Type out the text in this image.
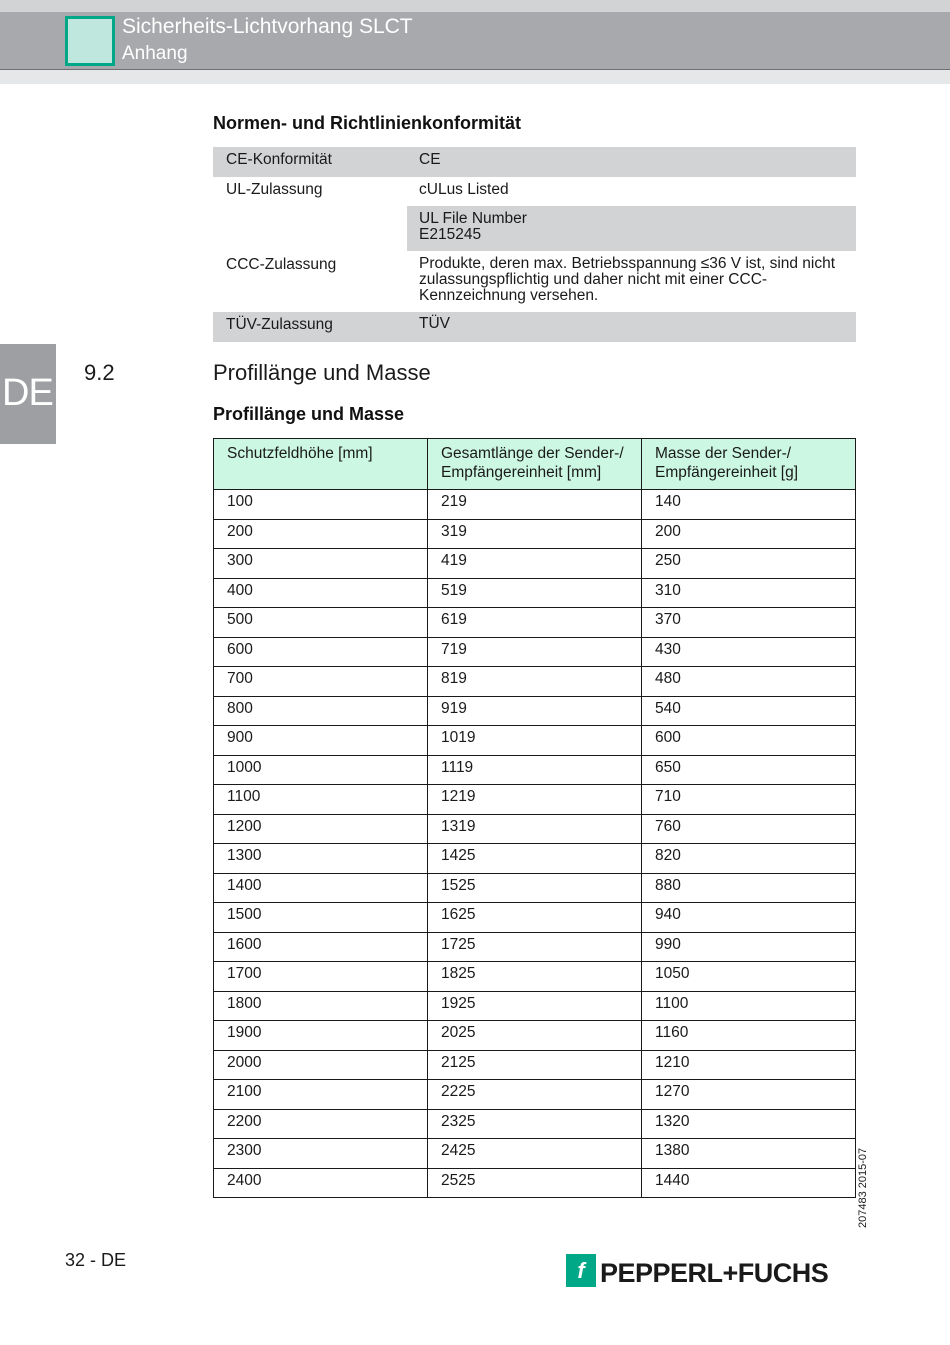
Sicherheits-Lichtvorhang SLCT
Anhang
DE
Normen- und Richtlinienkonformität
CE-Konformität	CE
UL-Zulassung	cULus Listed
UL File Number
E215245
CCC-Zulassung	Produkte, deren max. Betriebsspannung ≤36 V ist, sind nicht zulassungspflichtig und daher nicht mit einer CCC-Kennzeichnung versehen.
TÜV-Zulassung	TÜV
9.2	Profillänge und Masse
Profillänge und Masse
Schutzfeldhöhe [mm]	Gesamtlänge der Sender-/ Empfängereinheit [mm]	Masse der Sender-/ Empfängereinheit [g]
100	219	140
200	319	200
300	419	250
400	519	310
500	619	370
600	719	430
700	819	480
800	919	540
900	1019	600
1000	1119	650
1100	1219	710
1200	1319	760
1300	1425	820
1400	1525	880
1500	1625	940
1600	1725	990
1700	1825	1050
1800	1925	1100
1900	2025	1160
2000	2125	1210
2100	2225	1270
2200	2325	1320
2300	2425	1380
2400	2525	1440	207483 2015-07
32 - DE	f PEPPERL+FUCHS
